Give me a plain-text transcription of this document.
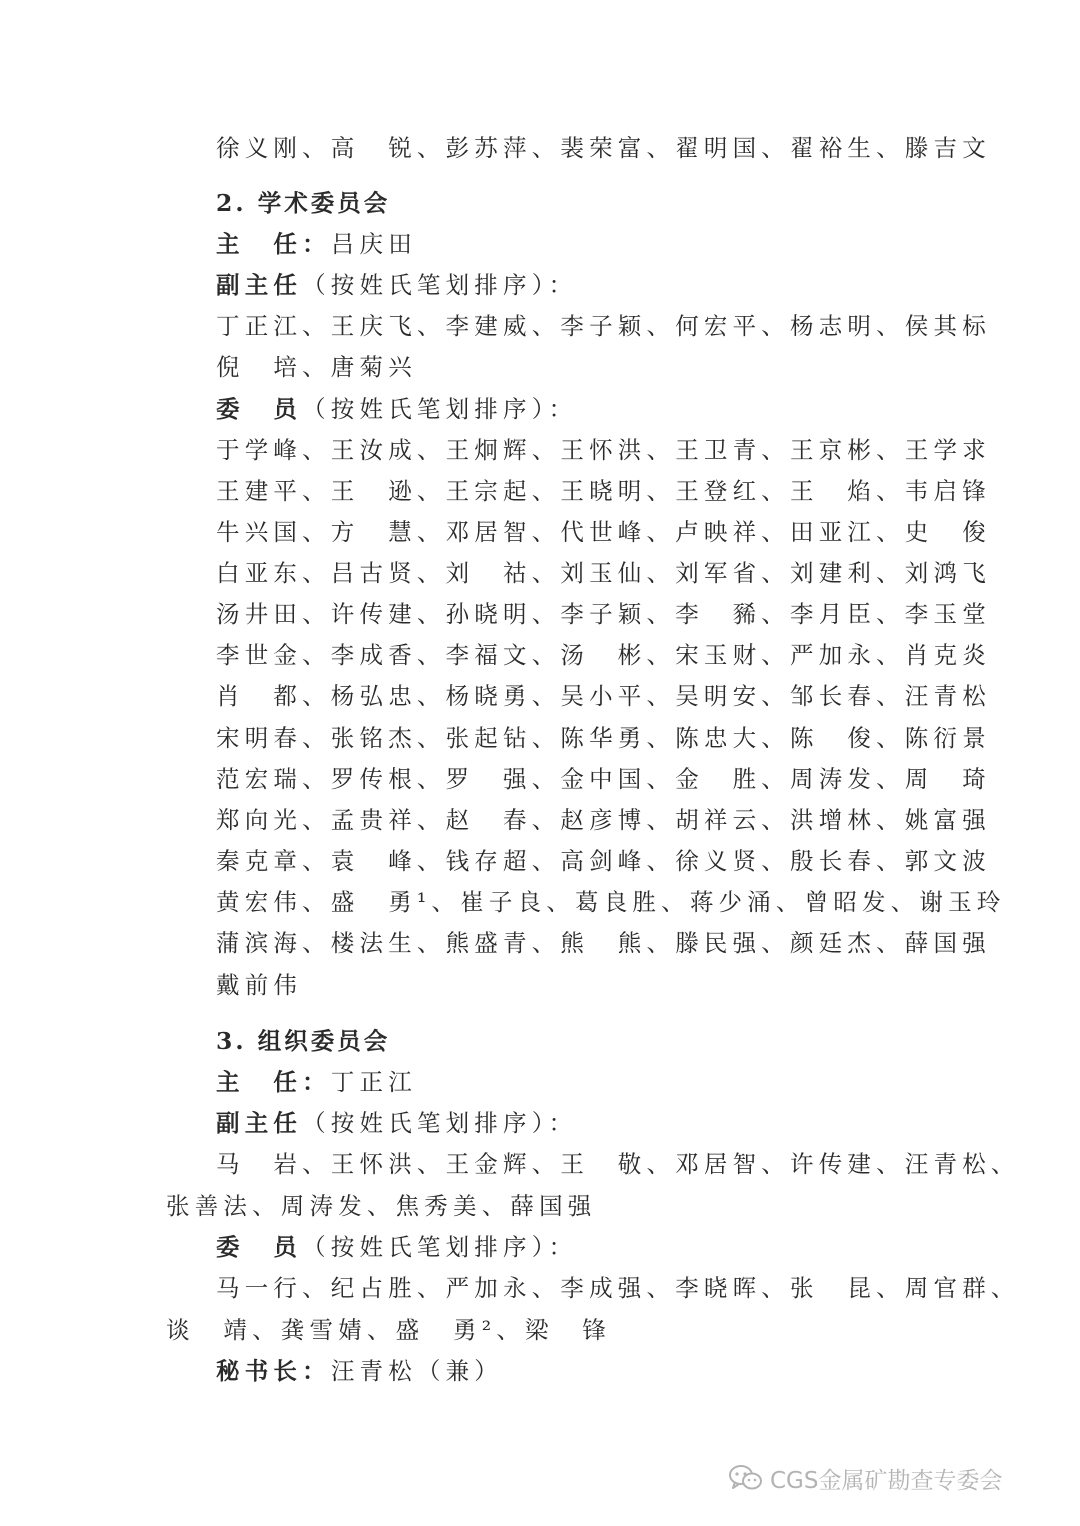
徐义刚、高　锐、彭苏萍、裴荣富、翟明国、翟裕生、滕吉文
2. 学术委员会
主　任：吕庆田
副主任（按姓氏笔划排序）：
丁正江、王庆飞、李建威、李子颖、何宏平、杨志明、侯其标
倪　培、唐菊兴
委　员（按姓氏笔划排序）：
于学峰、王汝成、王炯辉、王怀洪、王卫青、王京彬、王学求
王建平、王　逊、王宗起、王晓明、王登红、王　焰、韦启锋
牛兴国、方　慧、邓居智、代世峰、卢映祥、田亚江、史　俊
白亚东、吕古贤、刘　祜、刘玉仙、刘军省、刘建利、刘鸿飞
汤井田、许传建、孙晓明、李子颖、李　豨、李月臣、李玉堂
李世金、李成香、李福文、汤　彬、宋玉财、严加永、肖克炎
肖　都、杨弘忠、杨晓勇、吴小平、吴明安、邹长春、汪青松
宋明春、张铭杰、张起钻、陈华勇、陈忠大、陈　俊、陈衍景
范宏瑞、罗传根、罗　强、金中国、金　胜、周涛发、周　琦
郑向光、孟贵祥、赵　春、赵彦博、胡祥云、洪增林、姚富强
秦克章、袁　峰、钱存超、高剑峰、徐义贤、殷长春、郭文波
黄宏伟、盛　勇¹、崔子良、葛良胜、蒋少涌、曾昭发、谢玉玲
蒲滨海、楼法生、熊盛青、熊　熊、滕民强、颜廷杰、薛国强
戴前伟
3. 组织委员会
主　任：丁正江
副主任（按姓氏笔划排序）：
马　岩、王怀洪、王金辉、王　敬、邓居智、许传建、汪青松、
张善法、周涛发、焦秀美、薛国强
委　员（按姓氏笔划排序）：
马一行、纪占胜、严加永、李成强、李晓晖、张　昆、周官群、
谈　靖、龚雪婧、盛　勇²、梁　锋
秘书长：汪青松（兼）
CGS金属矿勘查专委会
